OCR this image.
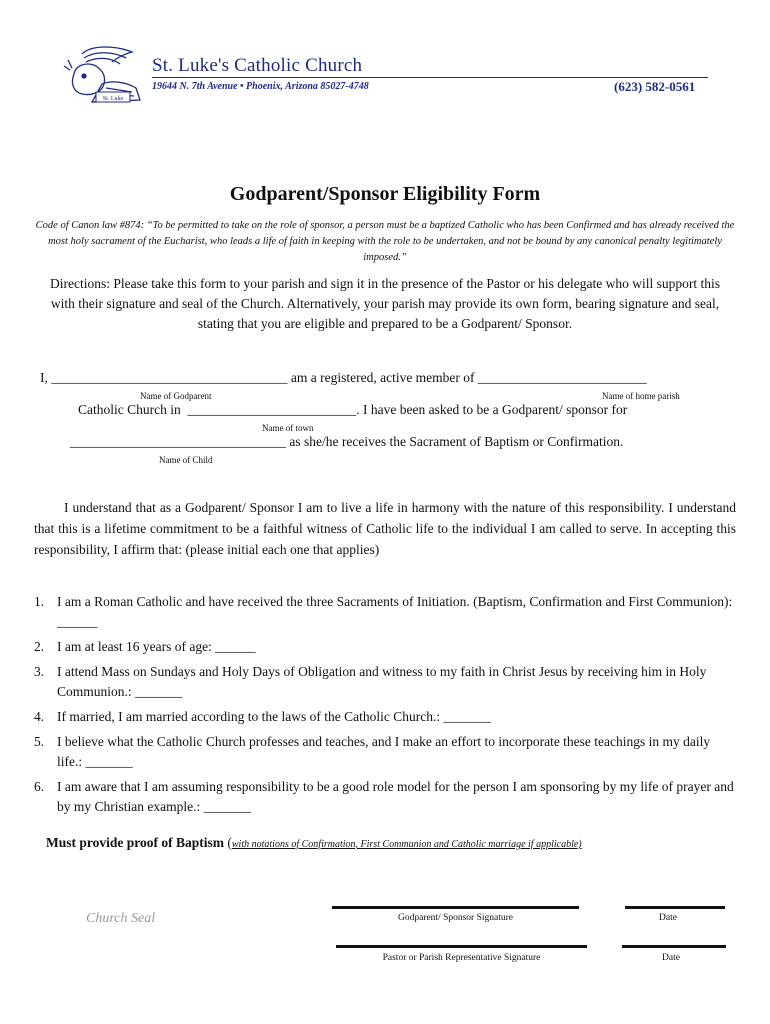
St. Luke
St. Luke's Catholic Church
19644 N. 7th Avenue • Phoenix, Arizona 85027-4748	(623) 582-0561
Godparent/Sponsor Eligibility Form
Code of Canon law #874: “To be permitted to take on the role of sponsor, a person must be a baptized Catholic who has been Confirmed and has already received the most holy sacrament of the Eucharist, who leads a life of faith in keeping with the role to be undertaken, and not be bound by any canonical penalty legitimately imposed.”
Directions: Please take this form to your parish and sign it in the presence of the Pastor or his delegate who will support this with their signature and seal of the Church. Alternatively, your parish may provide its own form, bearing signature and seal, stating that you are eligible and prepared to be a Godparent/ Sponsor.
I, ___________________________________ am a registered, active member of _________________________
Name of Godparent	Name of home parish
Catholic Church in _________________________. I have been asked to be a Godparent/ sponsor for
Name of town
________________________________ as she/he receives the Sacrament of Baptism or Confirmation.
Name of Child
I understand that as a Godparent/ Sponsor I am to live a life in harmony with the nature of this responsibility. I understand that this is a lifetime commitment to be a faithful witness of Catholic life to the individual I am called to serve. In accepting this responsibility, I affirm that: (please initial each one that applies)
1. I am a Roman Catholic and have received the three Sacraments of Initiation. (Baptism, Confirmation and First Communion): ______
2. I am at least 16 years of age: ______
3. I attend Mass on Sundays and Holy Days of Obligation and witness to my faith in Christ Jesus by receiving him in Holy Communion.: _______
4. If married, I am married according to the laws of the Catholic Church.: _______
5. I believe what the Catholic Church professes and teaches, and I make an effort to incorporate these teachings in my daily life.: _______
6. I am aware that I am assuming responsibility to be a good role model for the person I am sponsoring by my life of prayer and by my Christian example.: _______
Must provide proof of Baptism (with notations of Confirmation, First Communion and Catholic marriage if applicable)
Church Seal	Godparent/ Sponsor Signature	Date
Pastor or Parish Representative Signature	Date
